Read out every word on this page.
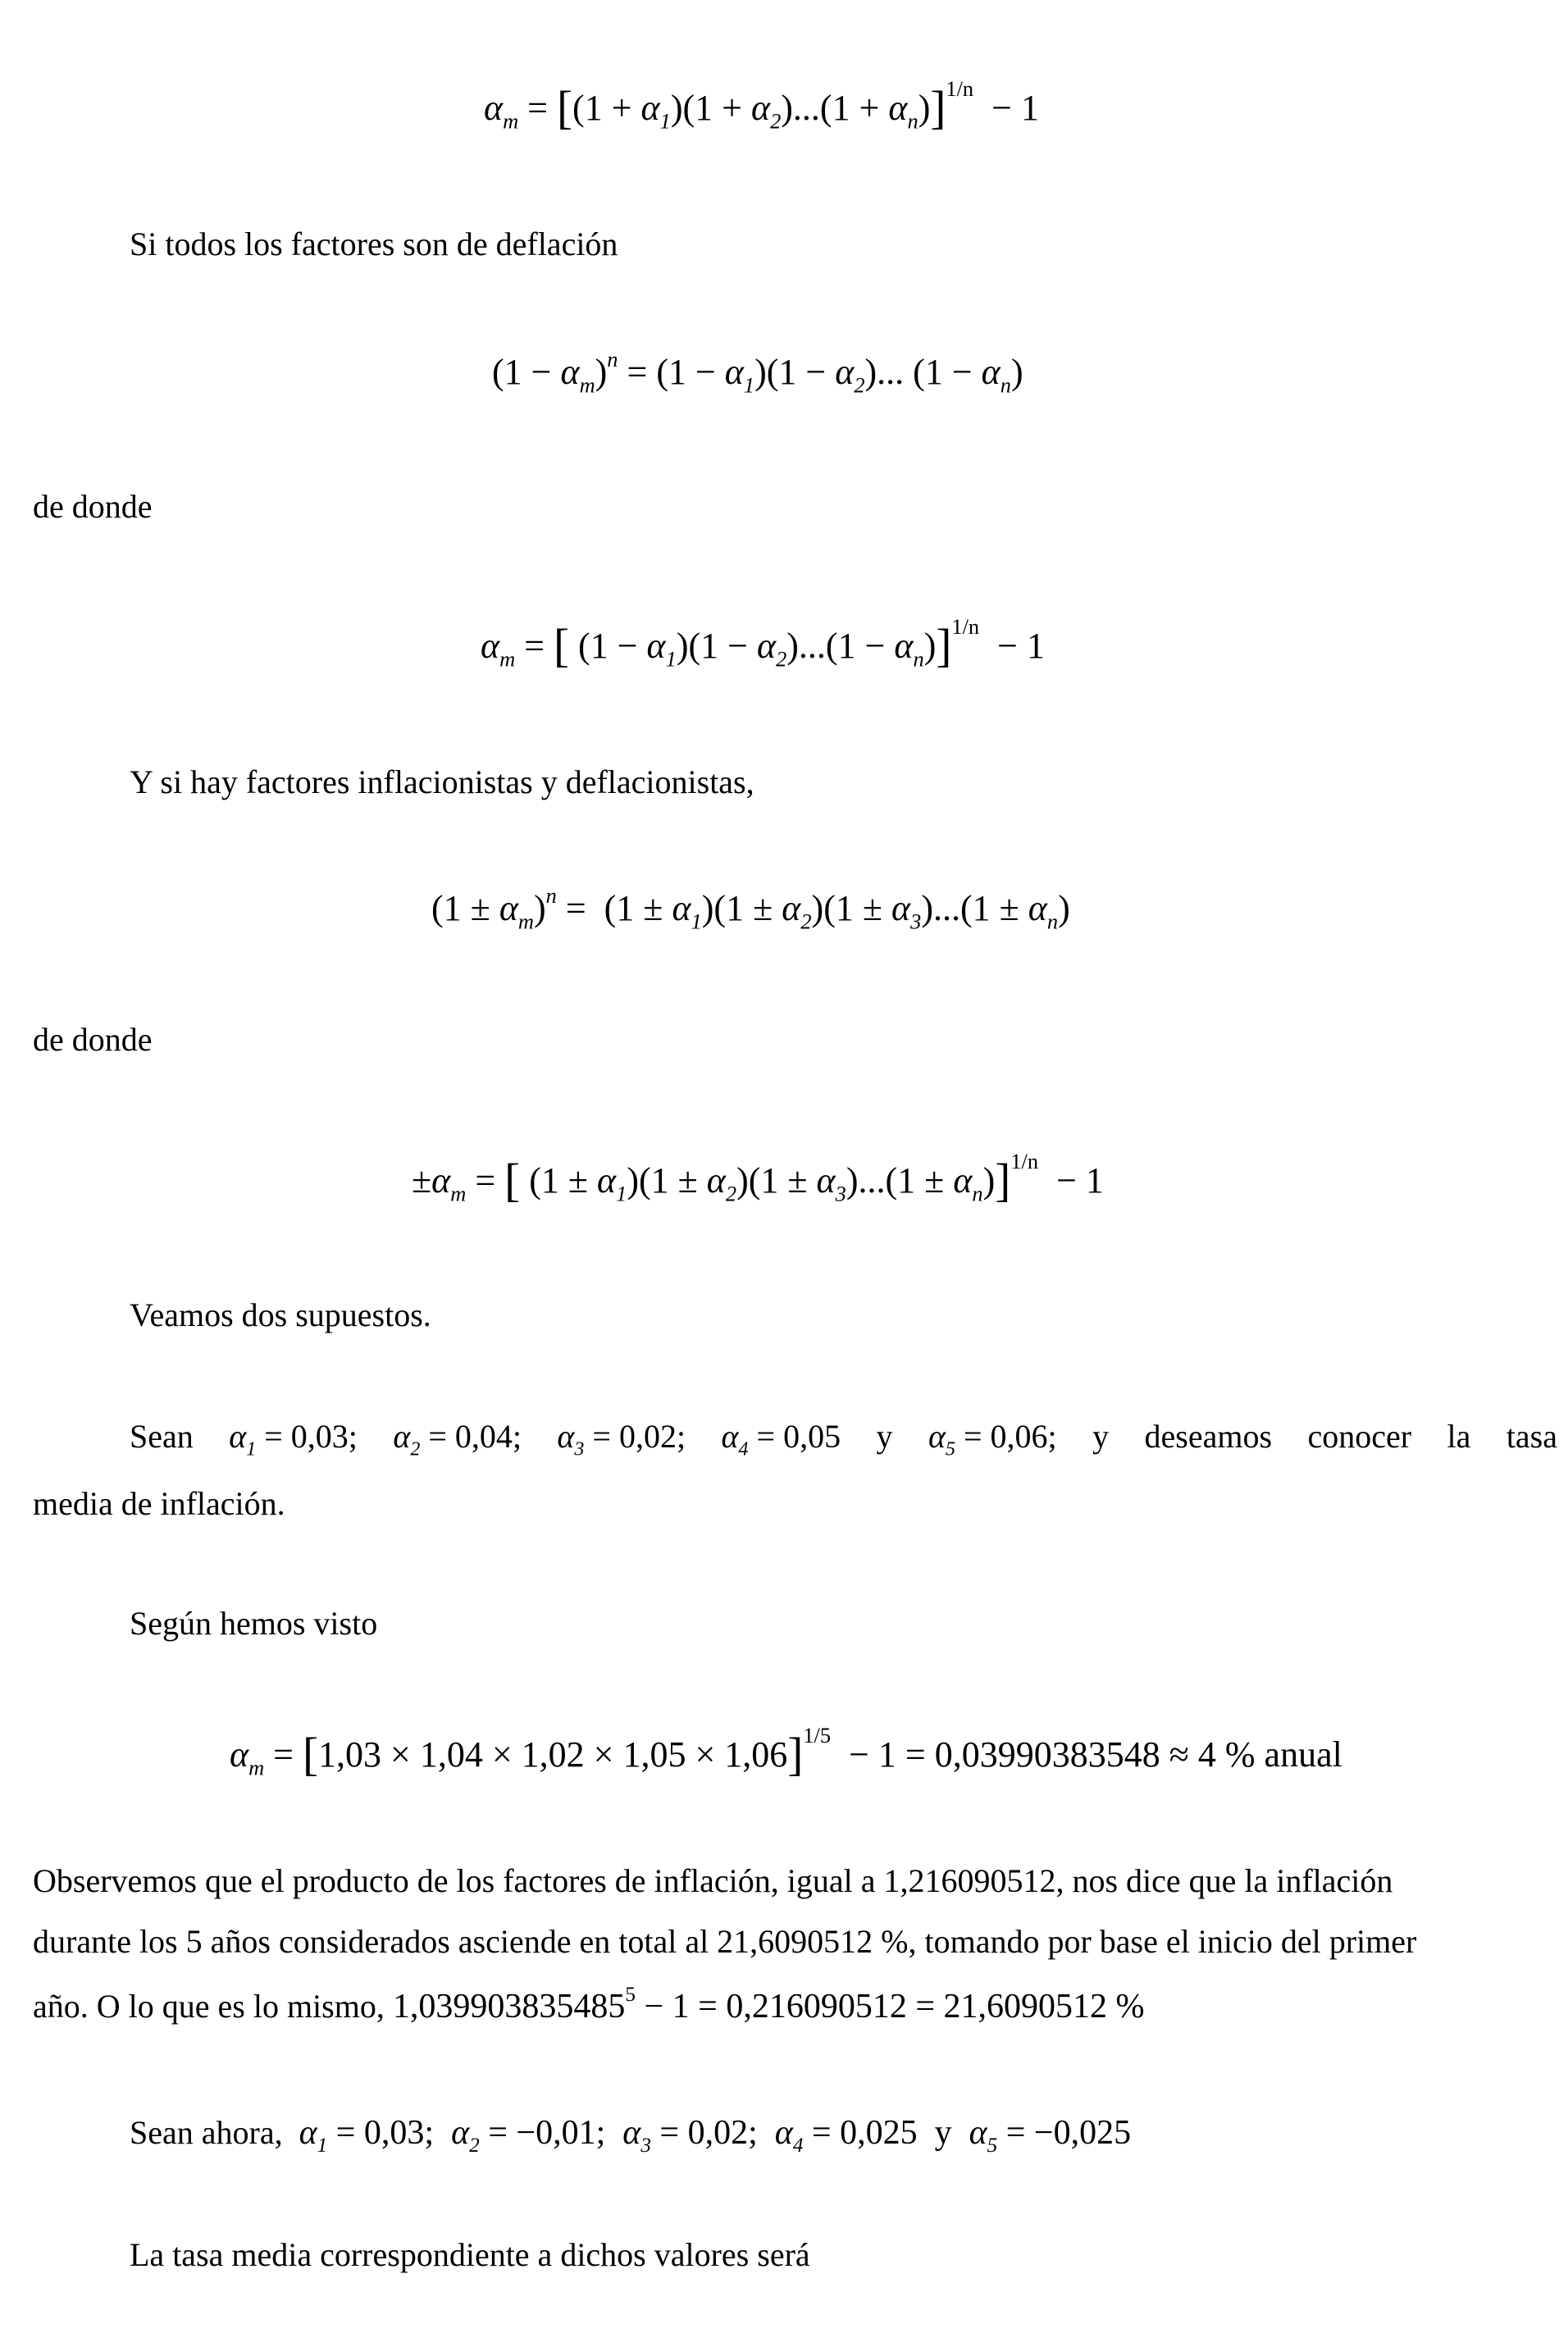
$\alpha_m = [(1 + \alpha_1)(1 + \alpha_2)...(1 + \alpha_n)]^{1/n} - 1$
Si todos los factores son de deflación
$(1 - \alpha_m)^n = (1 - \alpha_1)(1 - \alpha_2)$... $(1 - \alpha_n)$
de donde
$\alpha_m$ = [ $(1 - \alpha_1)(1 - \alpha_2)...(1 - \alpha_n)]^{1/n} - 1$
Y si hay factores inflacionistas y deflacionistas,
$(1 \pm \alpha_m)^n = (1 \pm \alpha_1)(1 \pm \alpha_2)(1 \pm \alpha_3)...(1 \pm \alpha_n)$
de donde
$\pm\alpha_m$ = [ $(1 \pm \alpha_1)(1 \pm \alpha_2)(1 \pm \alpha_3)...(1 \pm \alpha_n)]^{1/n} - 1$
Veamos dos supuestos.
Sean $\alpha_1 = 0,03$; $\alpha_2 = 0,04$; $\alpha_3 = 0,02$; $\alpha_4 = 0,05$ y $\alpha_5 = 0,06$; y deseamos conocer la tasa
media de inflación.
Según hemos visto
$\alpha_m = [1,03 \times 1,04 \times 1,02 \times 1,05 \times 1,06]^{1/5} - 1 = 0,03990383548 \approx 4$ % anual
Observemos que el producto de los factores de inflación, igual a 1,216090512, nos dice que la inflación
durante los 5 años considerados asciende en total al 21,6090512 %, tomando por base el inicio del primer
año. O lo que es lo mismo, $1,039903835485^5 - 1 = 0,216090512 = 21,6090512$ %
Sean ahora,  $\alpha_1 = 0,03$;  $\alpha_2 = -0,01$;  $\alpha_3 = 0,02$;  $\alpha_4 = 0,025$  y  $\alpha_5 = -0,025$
La tasa media correspondiente a dichos valores será
